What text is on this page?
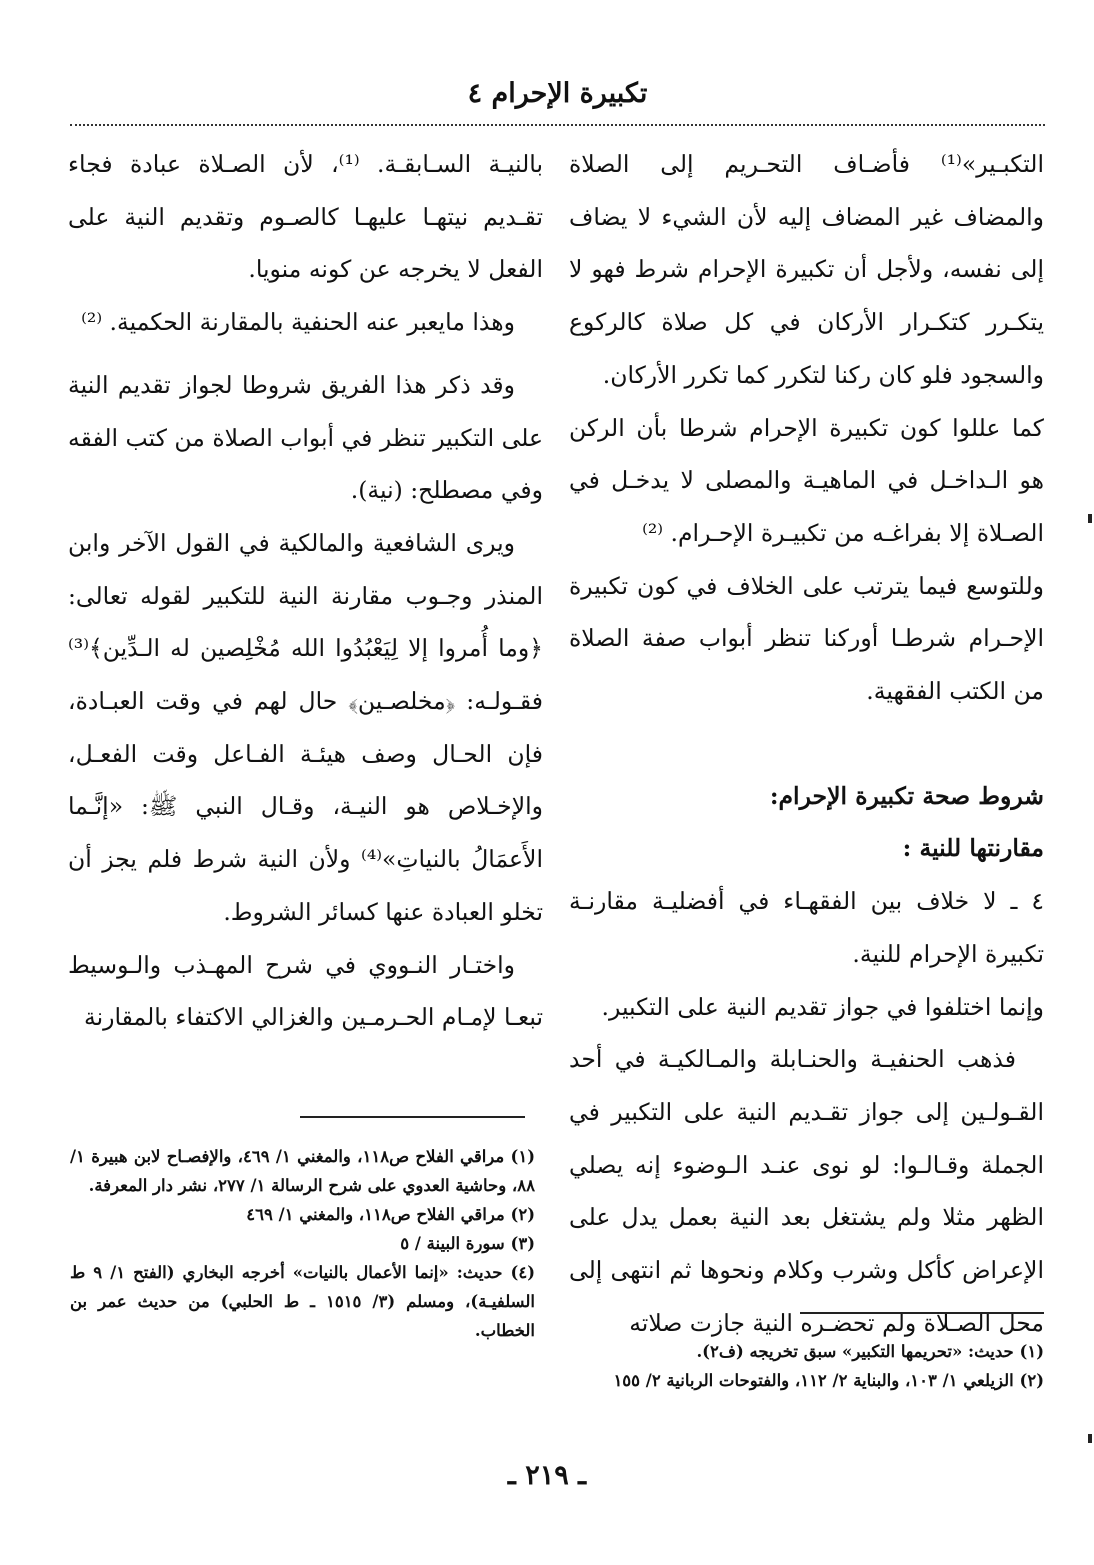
تكبيرة الإحرام ٤

التكبـير»⁽¹⁾ فأضـاف التحـريم إلى الصلاة والمضاف غير المضاف إليه لأن الشيء لا يضاف إلى نفسه، ولأجل أن تكبيرة الإحرام شرط فهو لا يتكـرر كتكـرار الأركان في كل صلاة كالركوع والسجود فلو كان ركنا لتكرر كما تكرر الأركان.

كما عللوا كون تكبيرة الإحرام شرطا بأن الركن هو الـداخـل في الماهيـة والمصلى لا يدخـل في الصـلاة إلا بفراغـه من تكبيـرة الإحـرام. ⁽²⁾

وللتوسع فيما يترتب على الخلاف في كون تكبيرة الإحـرام شرطـا أوركنا تنظر أبواب صفة الصلاة من الكتب الفقهية.

شروط صحة تكبيرة الإحرام:

مقارنتها للنية :

٤ ـ لا خلاف بين الفقهـاء في أفضليـة مقارنـة تكبيرة الإحرام للنية.

وإنما اختلفوا في جواز تقديم النية على التكبير.

فذهب الحنفيـة والحنـابلة والمـالكيـة في أحد القـولـين إلى جواز تقـديم النية على التكبير في الجملة وقـالـوا: لو نوى عنـد الـوضوء إنه يصلي الظهر مثلا ولم يشتغل بعد النية بعمل يدل على الإعراض كأكل وشرب وكلام ونحوها ثم انتهى إلى محل الصـلاة ولم تحضـره النية جازت صلاته

بالنيـة السـابقـة. ⁽¹⁾، لأن الصـلاة عبادة فجاء تقـديم نيتهـا عليهـا كالصـوم وتقديم النية على الفعل لا يخرجه عن كونه منويا.

وهذا مايعبر عنه الحنفية بالمقارنة الحكمية. ⁽²⁾

وقد ذكر هذا الفريق شروطا لجواز تقديم النية على التكبير تنظر في أبواب الصلاة من كتب الفقه وفي مصطلح: (نية).

ويرى الشافعية والمالكية في القول الآخر وابن المنذر وجـوب مقارنة النية للتكبير لقوله تعالى: ﴿وما أُمروا إلا لِيَعْبُدُوا الله مُخْلِصين له الـدِّين﴾⁽³⁾ فقـولـه: ﴿مخلصـين﴾ حال لهم في وقت العبـادة، فإن الحـال وصف هيئـة الفـاعل وقت الفعـل، والإخـلاص هو النيـة، وقـال النبي ﷺ: «إنَّـما الأَعمَالُ بالنياتِ»⁽⁴⁾ ولأن النية شرط فلم يجز أن تخلو العبادة عنها كسائر الشروط.

واختـار النـووي في شرح المهـذب والـوسيط تبعـا لإمـام الحـرمـين والغزالي الاكتفاء بالمقارنة

(١) مراقي الفلاح ص١١٨، والمغني ١/ ٤٦٩، والإفصـاح لابن هبيرة ١/ ٨٨، وحاشية العدوي على شرح الرسالة ١/ ٢٧٧، نشر دار المعرفة.

(٢) مراقي الفلاح ص١١٨، والمغني ١/ ٤٦٩

(٣) سورة البينة / ٥

(٤) حديث: «إنما الأعمال بالنيات» أخرجه البخاري (الفتح ١/ ٩ ط السلفيـة)، ومسلم (٣/ ١٥١٥ ـ ط الحلبي) من حديث عمر بن الخطاب.

(١) حديث: «تحريمها التكبير» سبق تخريجه (ف٢).

(٢) الزيلعي ١/ ١٠٣، والبناية ٢/ ١١٢، والفتوحات الربانية ٢/ ١٥٥

ـ ٢١٩ ـ
